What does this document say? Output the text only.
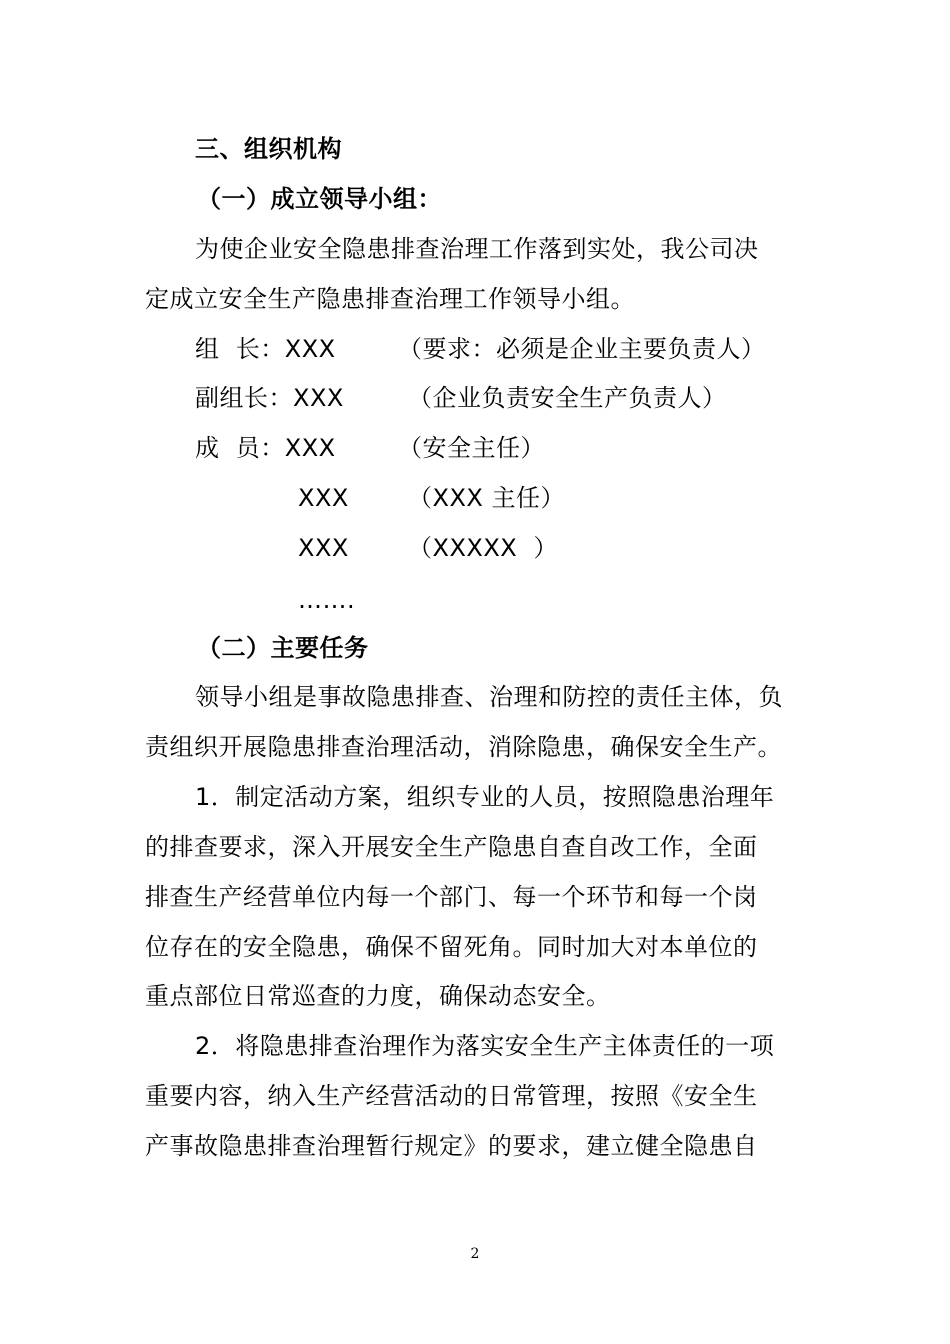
三、组织机构
（一）成立领导小组：
为使企业安全隐患排查治理工作落到实处，我公司决
定成立安全生产隐患排查治理工作领导小组。
组  长：XXX	（要求：必须是企业主要负责人）
副组长：XXX	（企业负责安全生产负责人）
成  员：XXX	（安全主任）
XXX （XXX 主任）
XXX （XXXXX  ）
…….
（二）主要任务
领导小组是事故隐患排查、治理和防控的责任主体，负
责组织开展隐患排查治理活动，消除隐患，确保安全生产。
1．制定活动方案，组织专业的人员，按照隐患治理年
的排查要求，深入开展安全生产隐患自查自改工作，全面
排查生产经营单位内每一个部门、每一个环节和每一个岗
位存在的安全隐患，确保不留死角。同时加大对本单位的
重点部位日常巡查的力度，确保动态安全。
2．将隐患排查治理作为落实安全生产主体责任的一项
重要内容，纳入生产经营活动的日常管理，按照《安全生
产事故隐患排查治理暂行规定》的要求，建立健全隐患自
2
